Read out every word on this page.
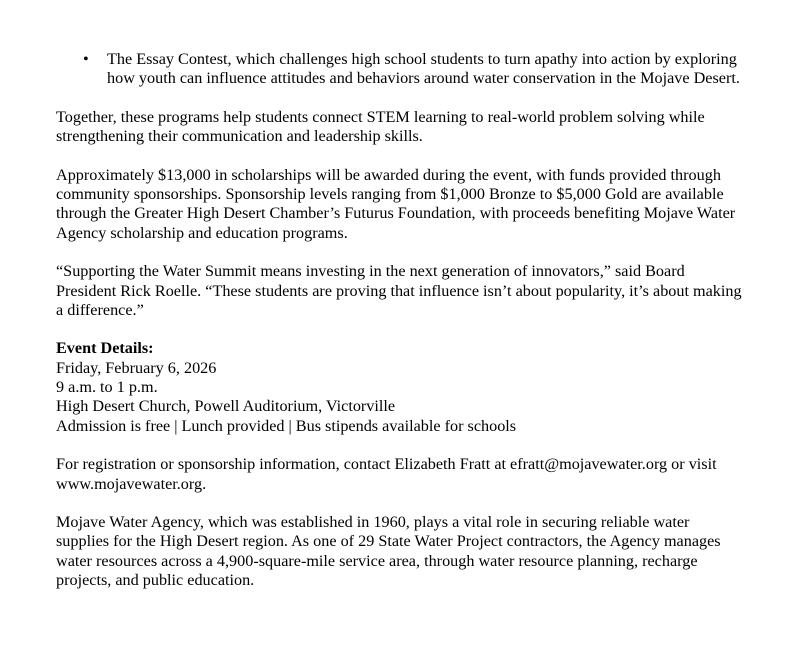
• The Essay Contest, which challenges high school students to turn apathy into action by exploring how youth can influence attitudes and behaviors around water conservation in the Mojave Desert.

Together, these programs help students connect STEM learning to real-world problem solving while strengthening their communication and leadership skills.

Approximately $13,000 in scholarships will be awarded during the event, with funds provided through community sponsorships. Sponsorship levels ranging from $1,000 Bronze to $5,000 Gold are available through the Greater High Desert Chamber’s Futurus Foundation, with proceeds benefiting Mojave Water Agency scholarship and education programs.

“Supporting the Water Summit means investing in the next generation of innovators,” said Board President Rick Roelle. “These students are proving that influence isn’t about popularity, it’s about making a difference.”

Event Details:
Friday, February 6, 2026
9 a.m. to 1 p.m.
High Desert Church, Powell Auditorium, Victorville
Admission is free | Lunch provided | Bus stipends available for schools

For registration or sponsorship information, contact Elizabeth Fratt at efratt@mojavewater.org or visit www.mojavewater.org.

Mojave Water Agency, which was established in 1960, plays a vital role in securing reliable water supplies for the High Desert region. As one of 29 State Water Project contractors, the Agency manages water resources across a 4,900-square-mile service area, through water resource planning, recharge projects, and public education.
